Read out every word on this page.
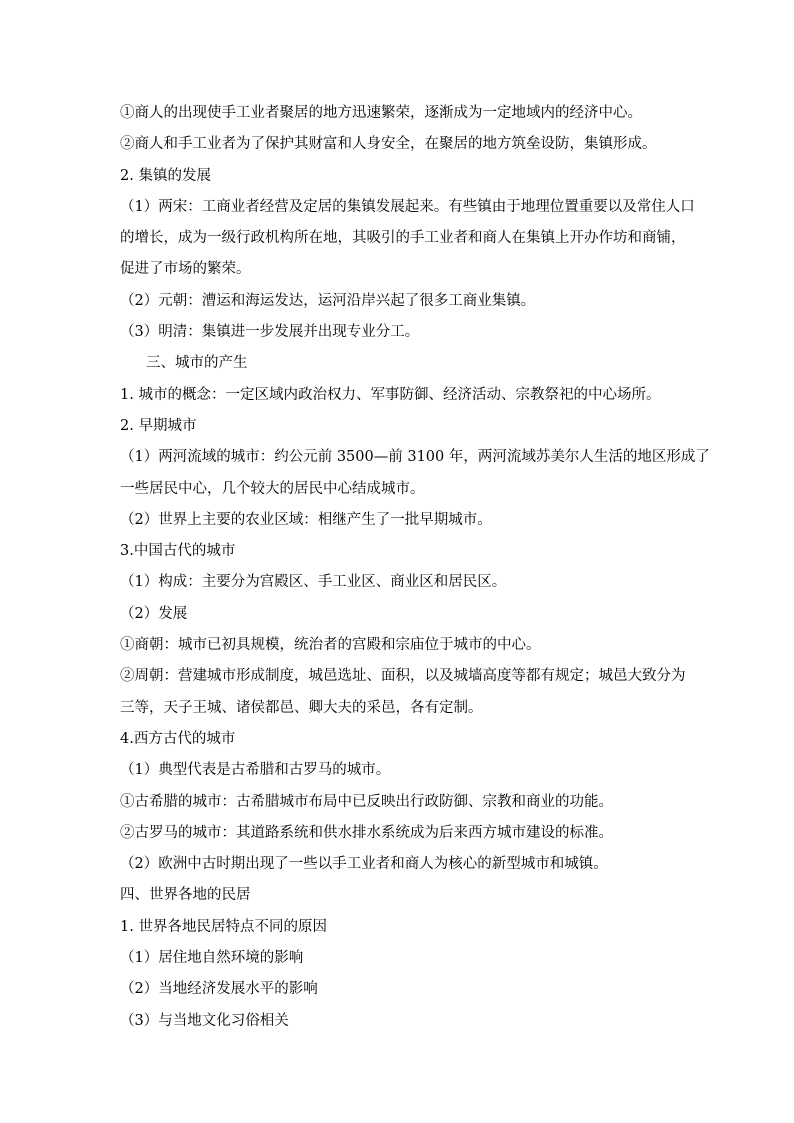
①商人的出现使手工业者聚居的地方迅速繁荣，逐渐成为一定地域内的经济中心。
②商人和手工业者为了保护其财富和人身安全，在聚居的地方筑垒设防，集镇形成。
2. 集镇的发展
（1）两宋：工商业者经营及定居的集镇发展起来。有些镇由于地理位置重要以及常住人口
的增长，成为一级行政机构所在地，其吸引的手工业者和商人在集镇上开办作坊和商铺，
促进了市场的繁荣。
（2）元朝：漕运和海运发达，运河沿岸兴起了很多工商业集镇。
（3）明清：集镇进一步发展并出现专业分工。
三、城市的产生
1. 城市的概念：一定区域内政治权力、军事防御、经济活动、宗教祭祀的中心场所。
2. 早期城市
（1）两河流域的城市：约公元前 3500—前 3100 年，两河流域苏美尔人生活的地区形成了
一些居民中心，几个较大的居民中心结成城市。
（2）世界上主要的农业区域：相继产生了一批早期城市。
3.中国古代的城市
（1）构成：主要分为宫殿区、手工业区、商业区和居民区。
（2）发展
①商朝：城市已初具规模，统治者的宫殿和宗庙位于城市的中心。
②周朝：营建城市形成制度，城邑选址、面积，以及城墙高度等都有规定；城邑大致分为
三等，天子王城、诸侯都邑、卿大夫的采邑，各有定制。
4.西方古代的城市
（1）典型代表是古希腊和古罗马的城市。
①古希腊的城市：古希腊城市布局中已反映出行政防御、宗教和商业的功能。
②古罗马的城市：其道路系统和供水排水系统成为后来西方城市建设的标准。
（2）欧洲中古时期出现了一些以手工业者和商人为核心的新型城市和城镇。
四、世界各地的民居
1. 世界各地民居特点不同的原因
（1）居住地自然环境的影响
（2）当地经济发展水平的影响
（3）与当地文化习俗相关
